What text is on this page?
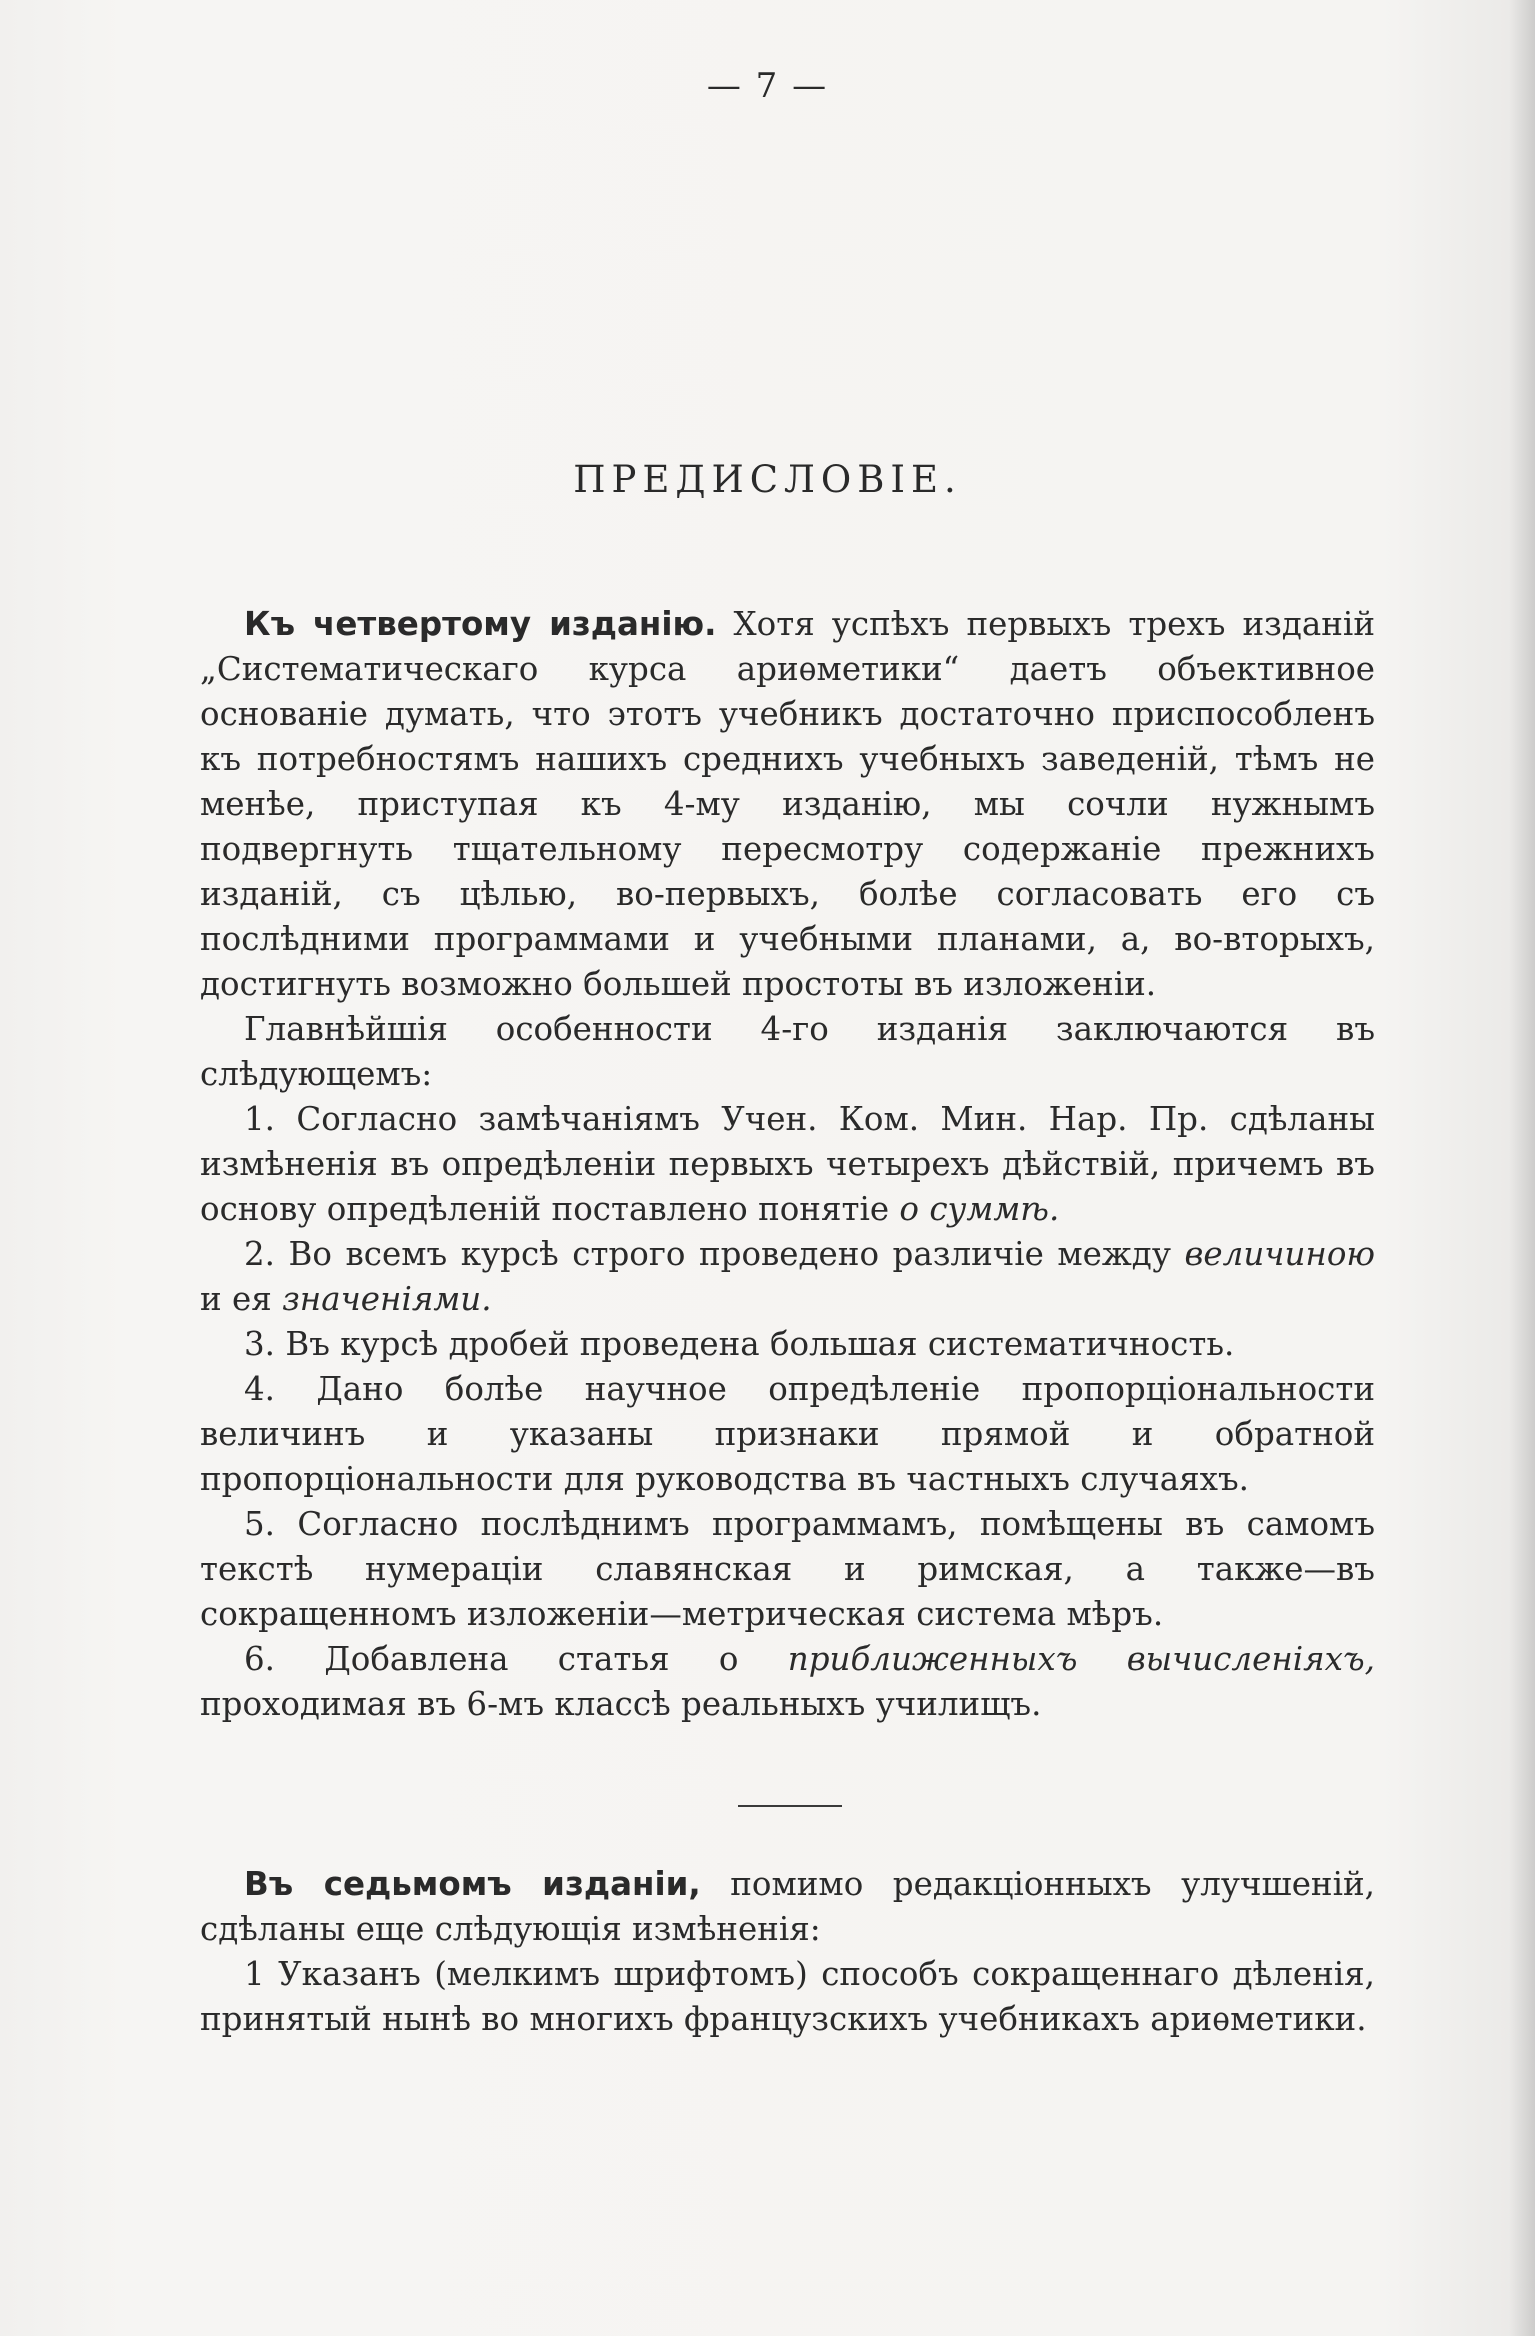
— 7 —
ПРЕДИСЛОВІЕ.

Къ четвертому изданію. Хотя успѣхъ первыхъ трехъ изданій „Систематическаго курса ариѳметики“ даетъ объективное основаніе думать, что этотъ учебникъ достаточно приспособленъ къ потребностямъ нашихъ среднихъ учебныхъ заведеній, тѣмъ не менѣе, приступая къ 4-му изданію, мы сочли нужнымъ подвергнуть тщательному пересмотру содержаніе прежнихъ изданій, съ цѣлью, во-первыхъ, болѣе согласовать его съ послѣдними программами и учебными планами, а, во-вторыхъ, достигнуть возможно большей простоты въ изложеніи.

Главнѣйшія особенности 4-го изданія заключаются въ слѣдующемъ:

1. Согласно замѣчаніямъ Учен. Ком. Мин. Нар. Пр. сдѣланы измѣненія въ опредѣленіи первыхъ четырехъ дѣйствій, причемъ въ основу опредѣленій поставлено понятіе о суммѣ.

2. Во всемъ курсѣ строго проведено различіе между величиною и ея значеніями.

3. Въ курсѣ дробей проведена большая систематичность.

4. Дано болѣе научное опредѣленіе пропорціональности величинъ и указаны признаки прямой и обратной пропорціональности для руководства въ частныхъ случаяхъ.

5. Согласно послѣднимъ программамъ, помѣщены въ самомъ текстѣ нумераціи славянская и римская, а также—въ сокращенномъ изложеніи—метрическая система мѣръ.

6. Добавлена статья о приближенныхъ вычисленіяхъ, проходимая въ 6-мъ классѣ реальныхъ училищъ.

Въ седьмомъ изданіи, помимо редакціонныхъ улучшеній, сдѣланы еще слѣдующія измѣненія:

1 Указанъ (мелкимъ шрифтомъ) способъ сокращеннаго дѣленія, принятый нынѣ во многихъ французскихъ учебникахъ ариѳметики.
